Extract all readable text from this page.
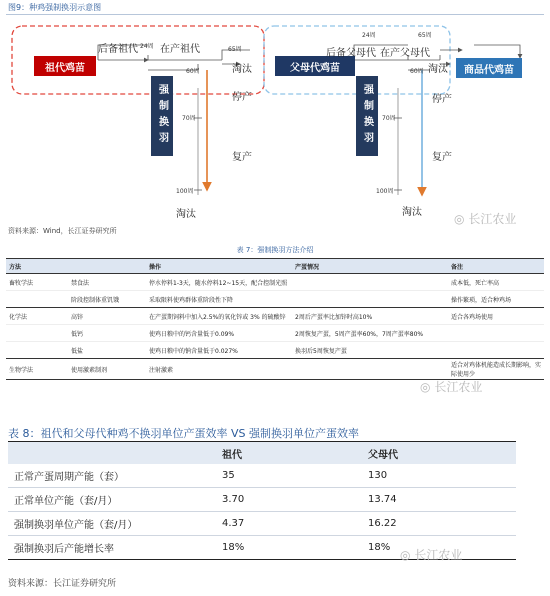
图9：种鸡强制换羽示意图
祖代鸡苗	父母代鸡苗	商品代鸡苗
后备祖代 在产祖代
淘汰
后备父母代 在产父母代
淘汰
停产
复产
淘汰
停产
复产
淘汰
24周	65周
60周
70周
100周
24周	65周
60周
70周
100周
强制换羽	强制换羽
资料来源：Wind，长江证券研究所
◎ 长江农业
表 7：强制换羽方法介绍
方法		操作	产蛋情况	备注
畜牧学法	禁食法	停水停料1-3天，随水停料12~15天，配合控制光照		成本低，死亡率高
	阶段控制体重饥饿	采取限料使鸡群体重阶段性下降		操作繁琐，适合种鸡场
化学法	高锌	在产蛋期饲料中加入2.5%的氧化锌或 3% 的硫酸锌	2周后产蛋率比加锌时高10%	适合各鸡场使用
	低钙	使鸡日粮中的钙含量低于0.09%	2周恢复产蛋，5周产蛋率60%，7周产蛋率80%	
	低盐	使鸡日粮中的钠含量低于0.027%	换羽后5周恢复产蛋	
生物学法	使用激素制剂	注射激素		适合对鸡体机能造成长期影响，实际使用少
◎ 长江农业
表 8：祖代和父母代种鸡不换羽单位产蛋效率 VS 强制换羽单位产蛋效率
	祖代	父母代
正常产蛋周期产能（套）	35	130
正常单位产能（套/月）	3.70	13.74
强制换羽单位产能（套/月）	4.37	16.22
强制换羽后产能增长率	18%	18%
◎ 长江农业
资料来源：长江证券研究所
